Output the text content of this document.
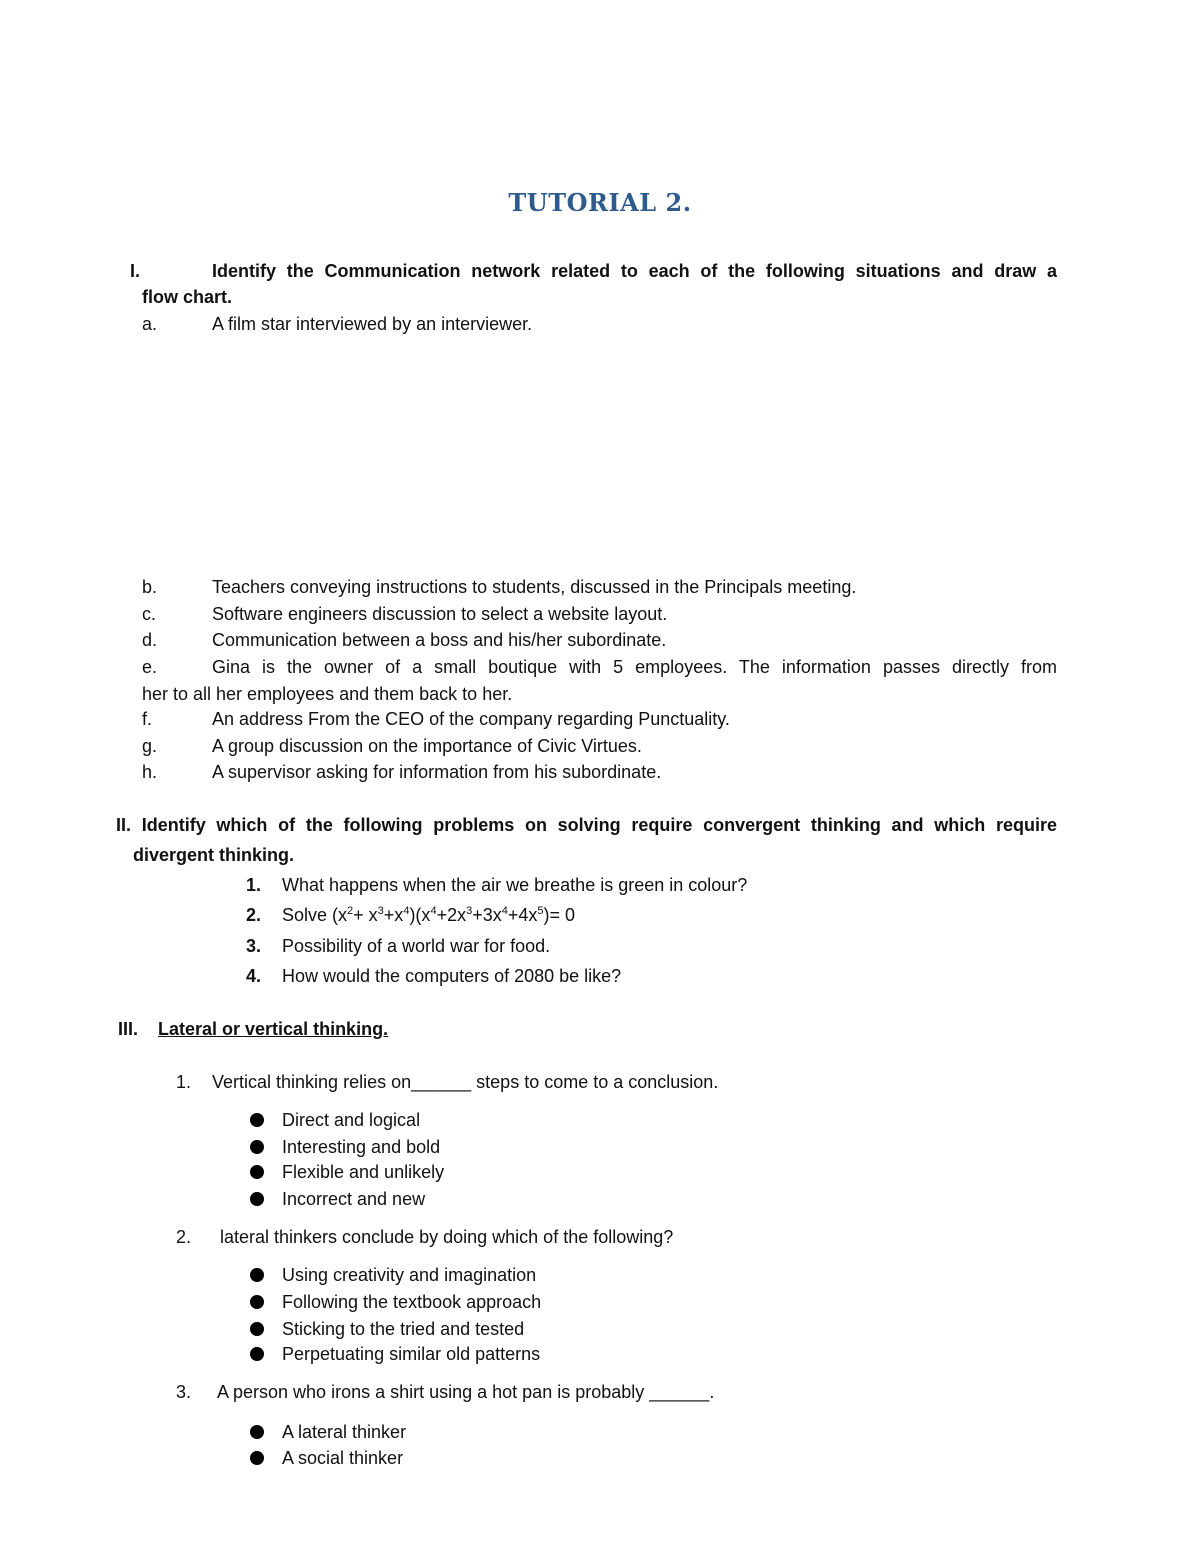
TUTORIAL 2.
I.	Identify the Communication network related to each of the following situations and draw a
flow chart.
a.	A film star interviewed by an interviewer.
b.	Teachers conveying instructions to students, discussed in the Principals meeting.
c.	Software engineers discussion to select a website layout.
d.	Communication between a boss and his/her subordinate.
e.	Gina is the owner of a small boutique with 5 employees. The information passes directly from
her to all her employees and them back to her.
f.	An address From the CEO of the company regarding Punctuality.
g.	A group discussion on the importance of Civic Virtues.
h.	A supervisor asking for information from his subordinate.
II. Identify which of the following problems on solving require convergent thinking and which require
divergent thinking.
1. What happens when the air we breathe is green in colour?
2. Solve $(x^2+ x^3+x^4)(x^4+2x^3+3x^4+4x^5)= 0$
3. Possibility of a world war for food.
4. How would the computers of 2080 be like?
III. Lateral or vertical thinking.
1. Vertical thinking relies on______ steps to come to a conclusion.
Direct and logical
Interesting and bold
Flexible and unlikely
Incorrect and new
2. lateral thinkers conclude by doing which of the following?
Using creativity and imagination
Following the textbook approach
Sticking to the tried and tested
Perpetuating similar old patterns
3. A person who irons a shirt using a hot pan is probably ______.
A lateral thinker
A social thinker
